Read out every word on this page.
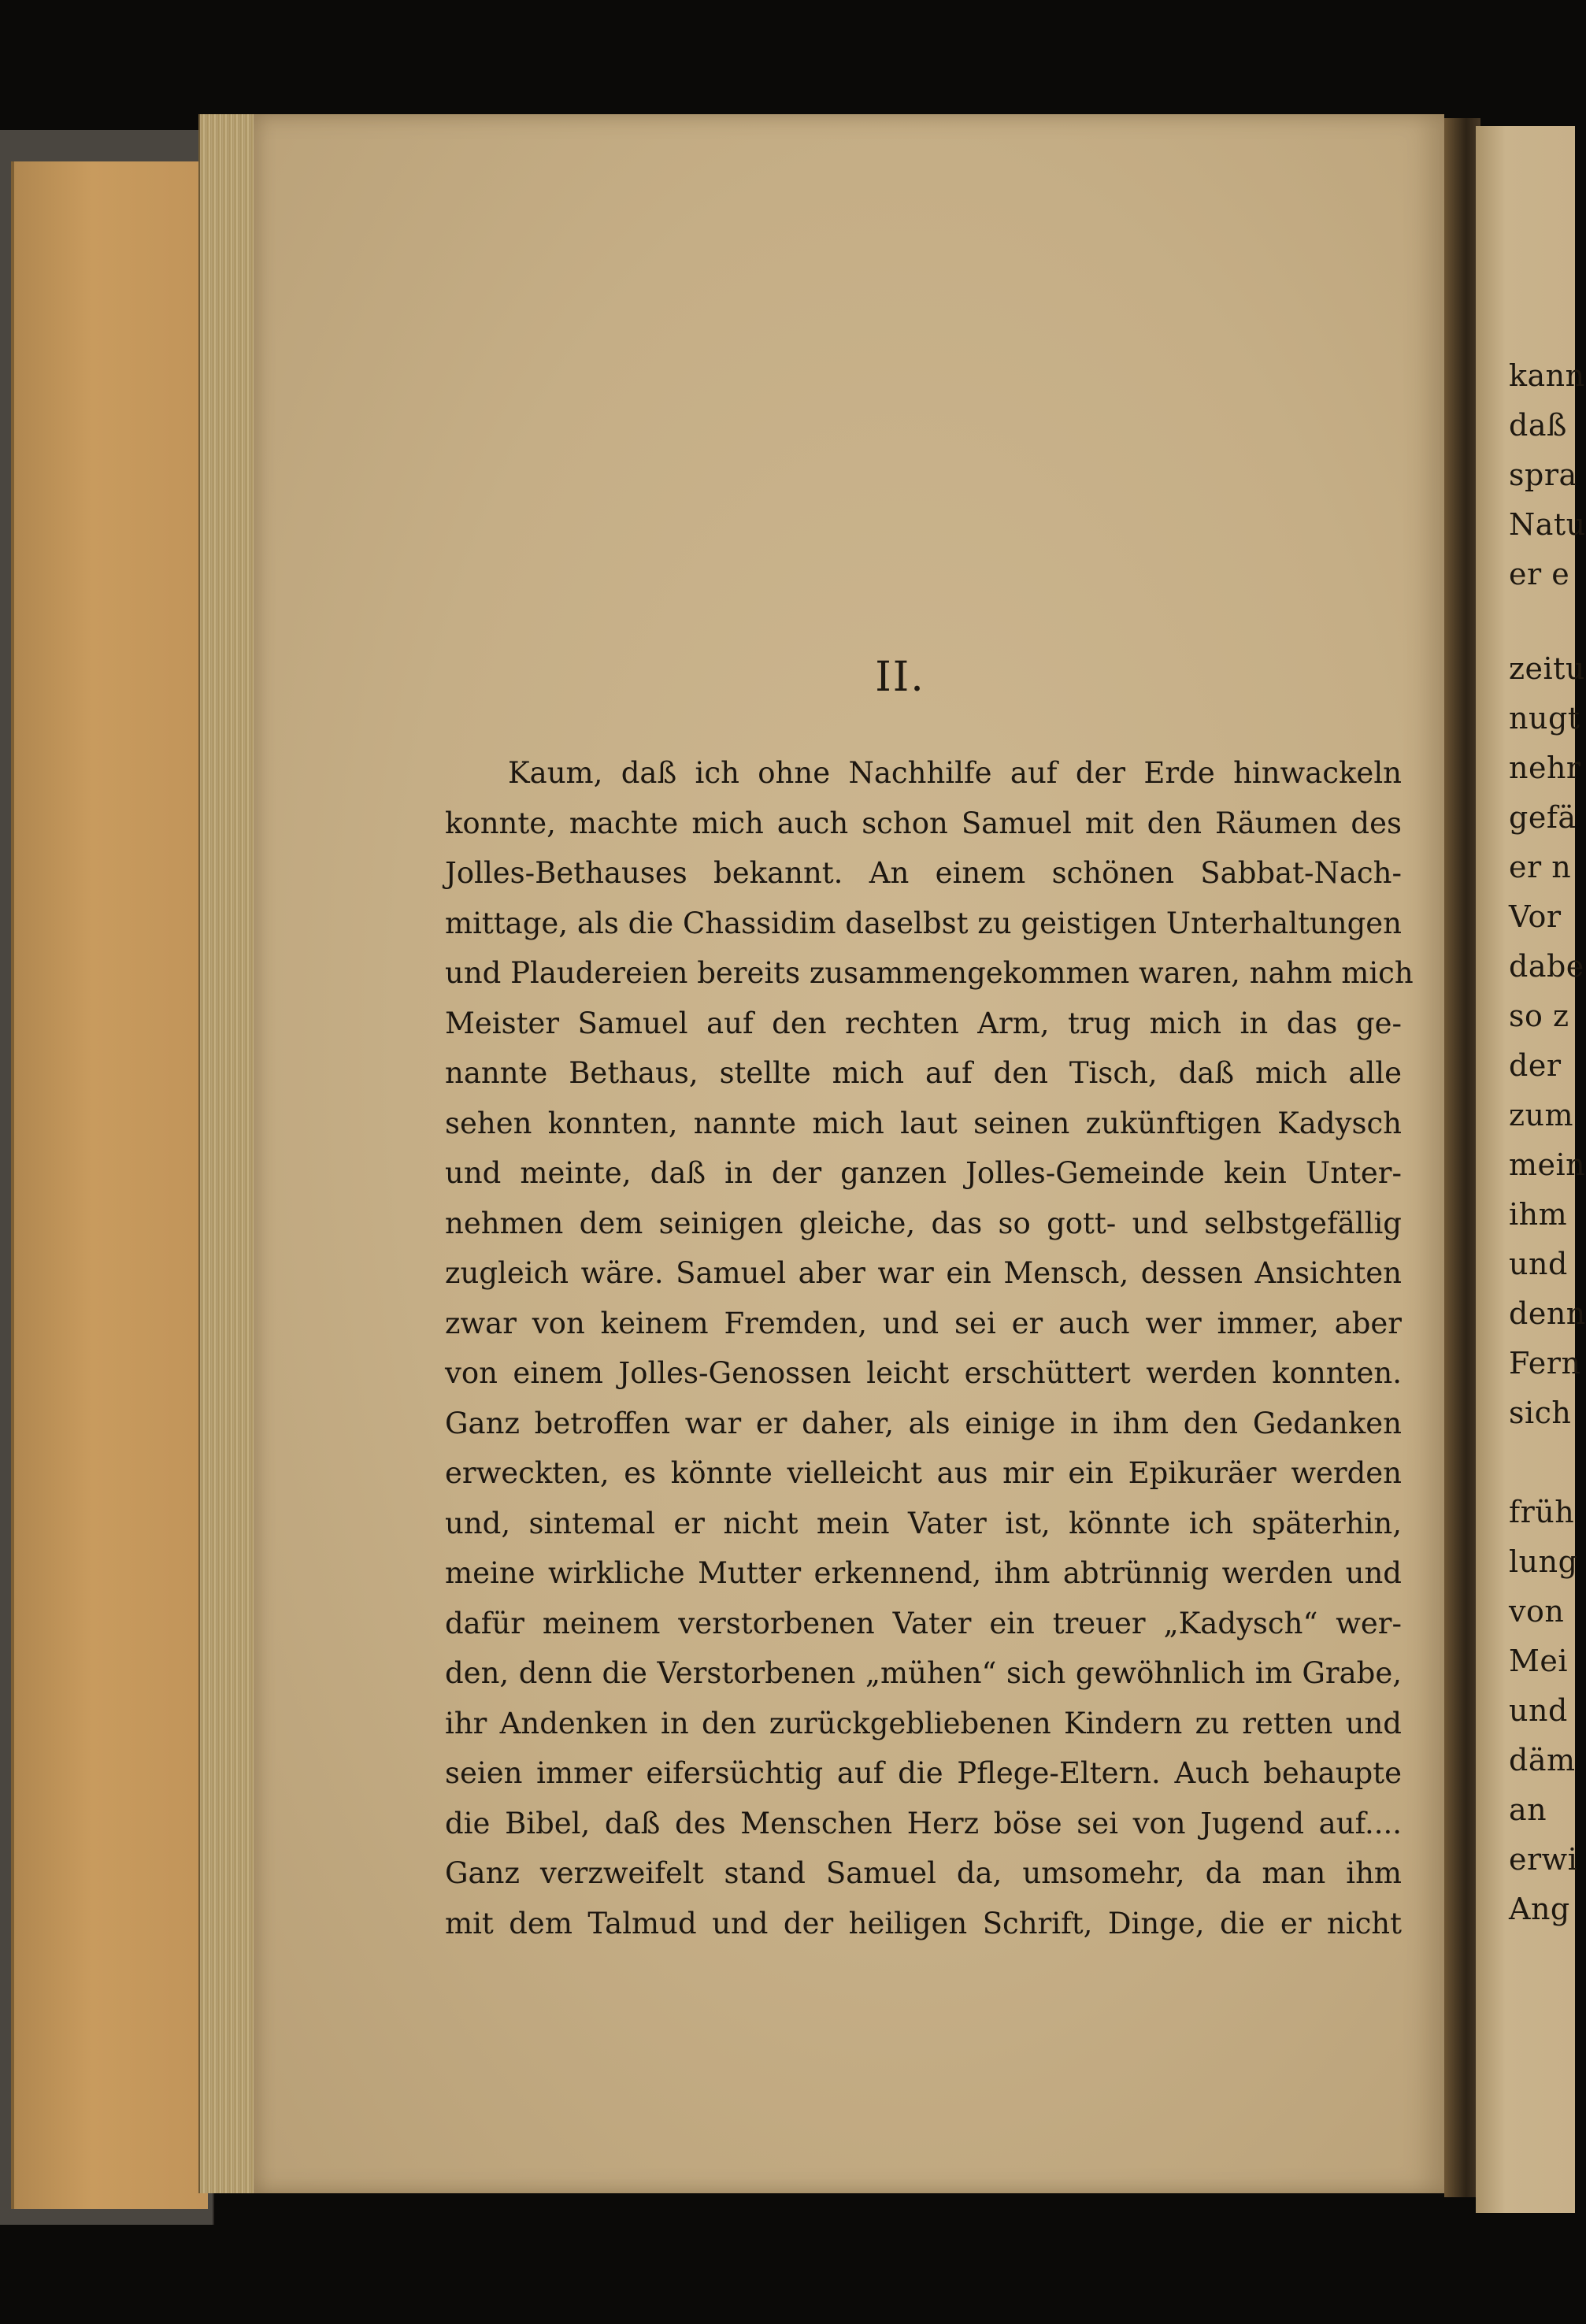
II.
Kaum, daß ich ohne Nachhilfe auf der Erde hinwackeln
konnte, machte mich auch schon Samuel mit den Räumen des
Jolles-Bethauses bekannt. An einem schönen Sabbat-Nach-
mittage, als die Chassidim daselbst zu geistigen Unterhaltungen
und Plaudereien bereits zusammengekommen waren, nahm mich
Meister Samuel auf den rechten Arm, trug mich in das ge-
nannte Bethaus, stellte mich auf den Tisch, daß mich alle
sehen konnten, nannte mich laut seinen zukünftigen Kadysch
und meinte, daß in der ganzen Jolles-Gemeinde kein Unter-
nehmen dem seinigen gleiche, das so gott- und selbstgefällig
zugleich wäre. Samuel aber war ein Mensch, dessen Ansichten
zwar von keinem Fremden, und sei er auch wer immer, aber
von einem Jolles-Genossen leicht erschüttert werden konnten.
Ganz betroffen war er daher, als einige in ihm den Gedanken
erweckten, es könnte vielleicht aus mir ein Epikuräer werden
und, sintemal er nicht mein Vater ist, könnte ich späterhin,
meine wirkliche Mutter erkennend, ihm abtrünnig werden und
dafür meinem verstorbenen Vater ein treuer „Kadysch“ wer-
den, denn die Verstorbenen „mühen“ sich gewöhnlich im Grabe,
ihr Andenken in den zurückgebliebenen Kindern zu retten und
seien immer eifersüchtig auf die Pflege-Eltern. Auch behaupte
die Bibel, daß des Menschen Herz böse sei von Jugend auf....
Ganz verzweifelt stand Samuel da, umsomehr, da man ihm
mit dem Talmud und der heiligen Schrift, Dinge, die er nicht
kann
daß
spra
Natu
er e
zeitu
nugt
nehr
gefä
er n
Vor
dabe
so z
der
zum
mein
ihm
und
denn
Fern
sich
früh
lung
von
Mei
und
däm
an
erwi
Ang
